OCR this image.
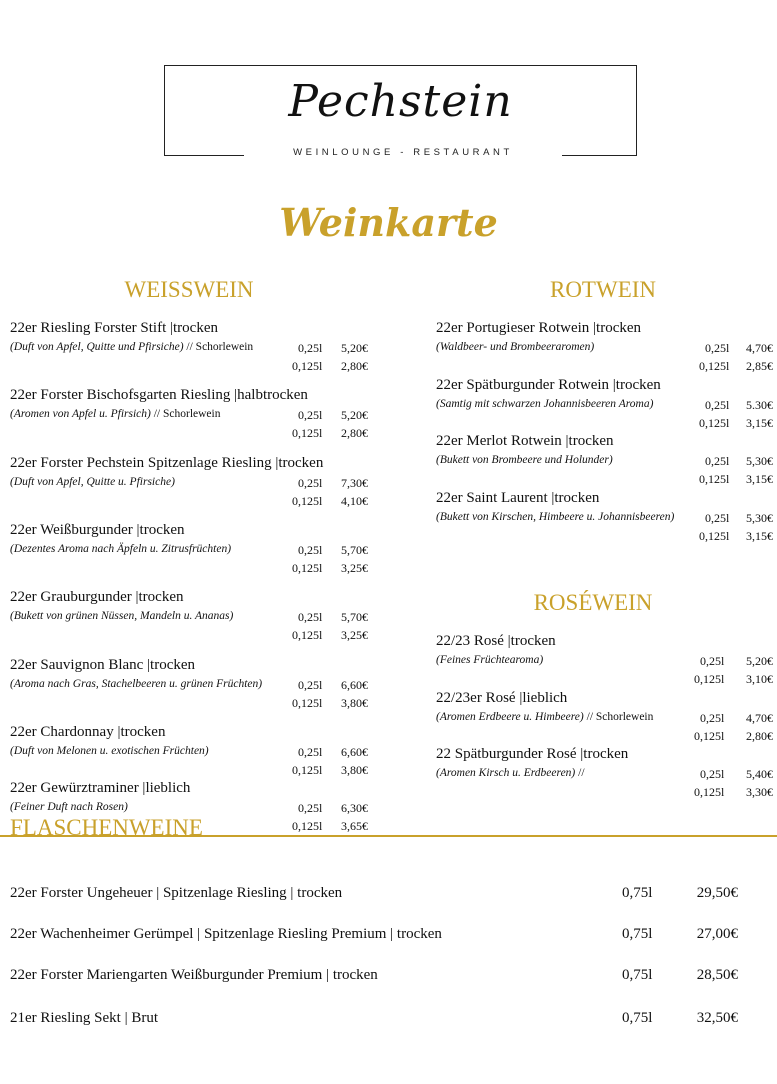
Pechstein
WEINLOUNGE - RESTAURANT
Weinkarte
WEISSWEIN	ROTWEIN
ROSÉWEIN
22er Riesling Forster Stift |trocken
(Duft von Apfel, Quitte und Pfirsiche) // Schorlewein	0,25l	5,20€
0,125l	2,80€
22er Forster Bischofsgarten Riesling |halbtrocken
(Aromen von Apfel u. Pfirsich) // Schorlewein	0,25l	5,20€
0,125l	2,80€
22er Forster Pechstein Spitzenlage Riesling |trocken
(Duft von Apfel, Quitte u. Pfirsiche)	0,25l	7,30€
0,125l	4,10€
22er Weißburgunder |trocken
(Dezentes Aroma nach Äpfeln u. Zitrusfrüchten)	0,25l	5,70€
0,125l	3,25€
22er Grauburgunder |trocken
(Bukett von grünen Nüssen, Mandeln u. Ananas)	0,25l	5,70€
0,125l	3,25€
22er Sauvignon Blanc |trocken
(Aroma nach Gras, Stachelbeeren u. grünen Früchten)	0,25l	6,60€
0,125l	3,80€
22er Chardonnay |trocken
(Duft von Melonen u. exotischen Früchten)	0,25l	6,60€
0,125l	3,80€
22er Gewürztraminer |lieblich
(Feiner Duft nach Rosen)	0,25l	6,30€
0,125l	3,65€
22er Portugieser Rotwein |trocken
(Waldbeer- und Brombeeraromen)	0,25l	4,70€
0,125l	2,85€
22er Spätburgunder Rotwein |trocken
(Samtig mit schwarzen Johannisbeeren Aroma)	0,25l	5.30€
0,125l	3,15€
22er Merlot Rotwein |trocken
(Bukett von Brombeere und Holunder)	0,25l	5,30€
0,125l	3,15€
22er Saint Laurent |trocken
(Bukett von Kirschen, Himbeere u. Johannisbeeren)	0,25l	5,30€
0,125l	3,15€
22/23 Rosé |trocken
(Feines Früchtearoma)	0,25l	5,20€
0,125l	3,10€
22/23er Rosé |lieblich
(Aromen Erdbeere u. Himbeere) // Schorlewein	0,25l	4,70€
0,125l	2,80€
22 Spätburgunder Rosé |trocken
(Aromen Kirsch u. Erdbeeren) //	0,25l	5,40€
0,125l	3,30€
FLASCHENWEINE
22er Forster Ungeheuer | Spitzenlage Riesling | trocken	0,75l	29,50€
22er Wachenheimer Gerümpel | Spitzenlage Riesling Premium | trocken	0,75l	27,00€
22er Forster Mariengarten Weißburgunder Premium | trocken	0,75l	28,50€
21er Riesling Sekt | Brut	0,75l	32,50€
